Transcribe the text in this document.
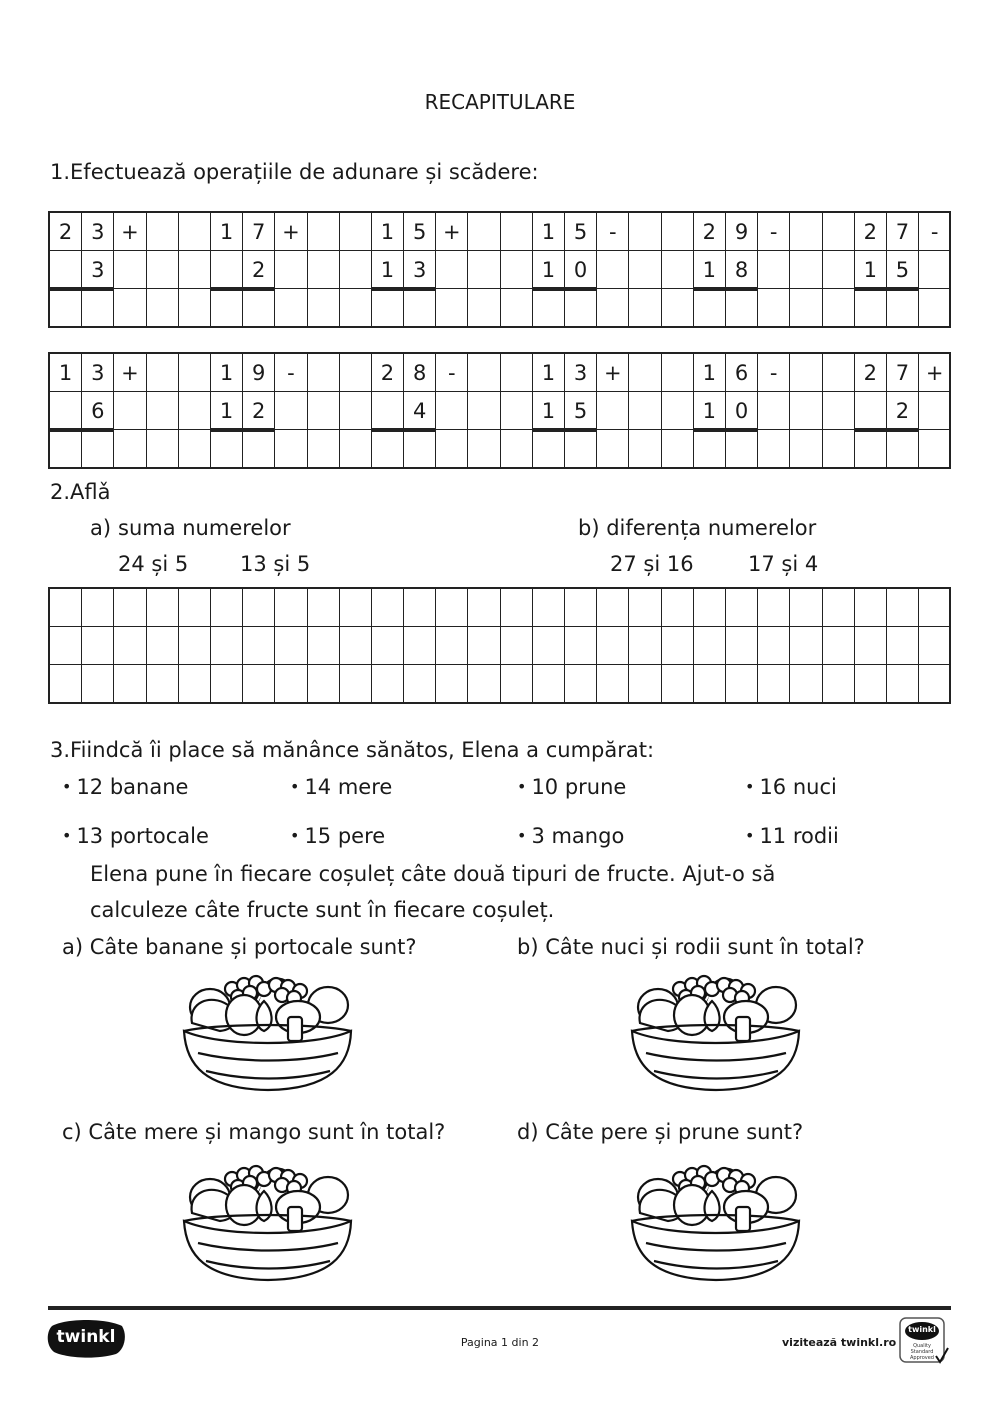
RECAPITULARE
1.Efectuează operațiile de adunare și scădere:
2 3 +	1 7 +	1 5 +	1 5	-	2 9	-	2 7	-
3	2	1 3	1 0	1 8	1 5
1 3 +	1 9	-	2 8	-	1 3 +	1 6	-	2 7 +
6	1 2	4	1 5	1 0	2
2.Aflǎ
a) suma numerelor
24 și 5 13 și 5
b) diferența numerelor
27 și 16	17 și 4
3.Fiindcă îi place să mănânce sănătos, Elena a cumpărat:
• 12 banane	• 14 mere	• 10 prune	• 16 nuci
• 13 portocale	• 15 pere	• 3 mango	• 11 rodii
Elena pune în fiecare coșuleț câte două tipuri de fructe. Ajut-o să
calculeze câte fructe sunt în fiecare coșuleț.
a) Câte banane și portocale sunt?	b) Câte nuci și rodii sunt în total?
c) Câte mere și mango sunt în total?	d) Câte pere și prune sunt?
twinkl	Pagina 1 din 2	vizitează twinkl.ro
twinkl
Quality Standard Approved
